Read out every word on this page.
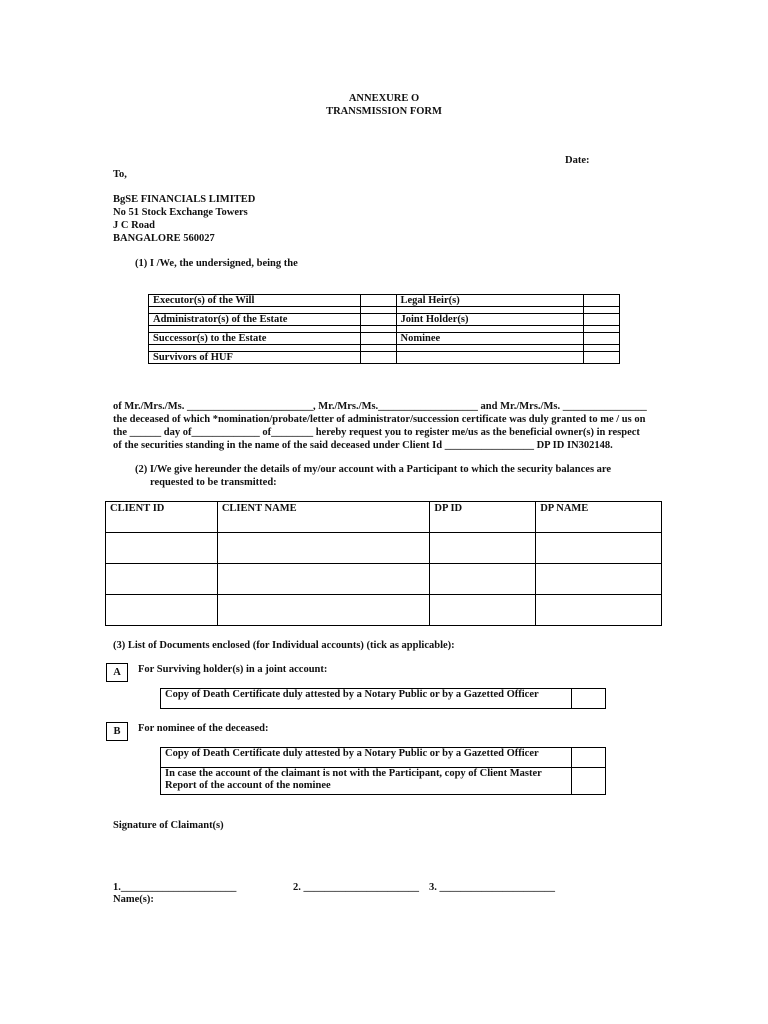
ANNEXURE O
TRANSMISSION FORM
Date:
To,
BgSE FINANCIALS LIMITED
No 51 Stock Exchange Towers
J C Road
BANGALORE 560027
(1) I /We, the undersigned, being the
Executor(s) of the Will		Legal Heir(s)	

Administrator(s) of the Estate		Joint Holder(s)	

Successor(s) to the Estate		Nominee	

Survivors of HUF			
of Mr./Mrs./Ms. ________________________, Mr./Mrs./Ms.___________________ and Mr./Mrs./Ms. ________________
the deceased of which *nomination/probate/letter of administrator/succession certificate was duly granted to me / us on
the ______ day of_____________ of________ hereby request you to register me/us as the beneficial owner(s) in respect
of the securities standing in the name of the said deceased under Client Id _________________ DP ID IN302148.
(2) I/We give hereunder the details of my/our account with a Participant to which the security balances are
requested to be transmitted:
CLIENT ID	CLIENT NAME	DP ID	DP NAME

(3) List of Documents enclosed (for Individual accounts) (tick as applicable):
A	For Surviving holder(s) in a joint account:
Copy of Death Certificate duly attested by a Notary Public or by a Gazetted Officer	
B	For nominee of the deceased:
Copy of Death Certificate duly attested by a Notary Public or by a Gazetted Officer	

In case the account of the claimant is not with the Participant, copy of Client Master
Report of the account of the nominee	

Signature of Claimant(s)
1.______________________	2. ______________________ 3. ______________________
Name(s):
